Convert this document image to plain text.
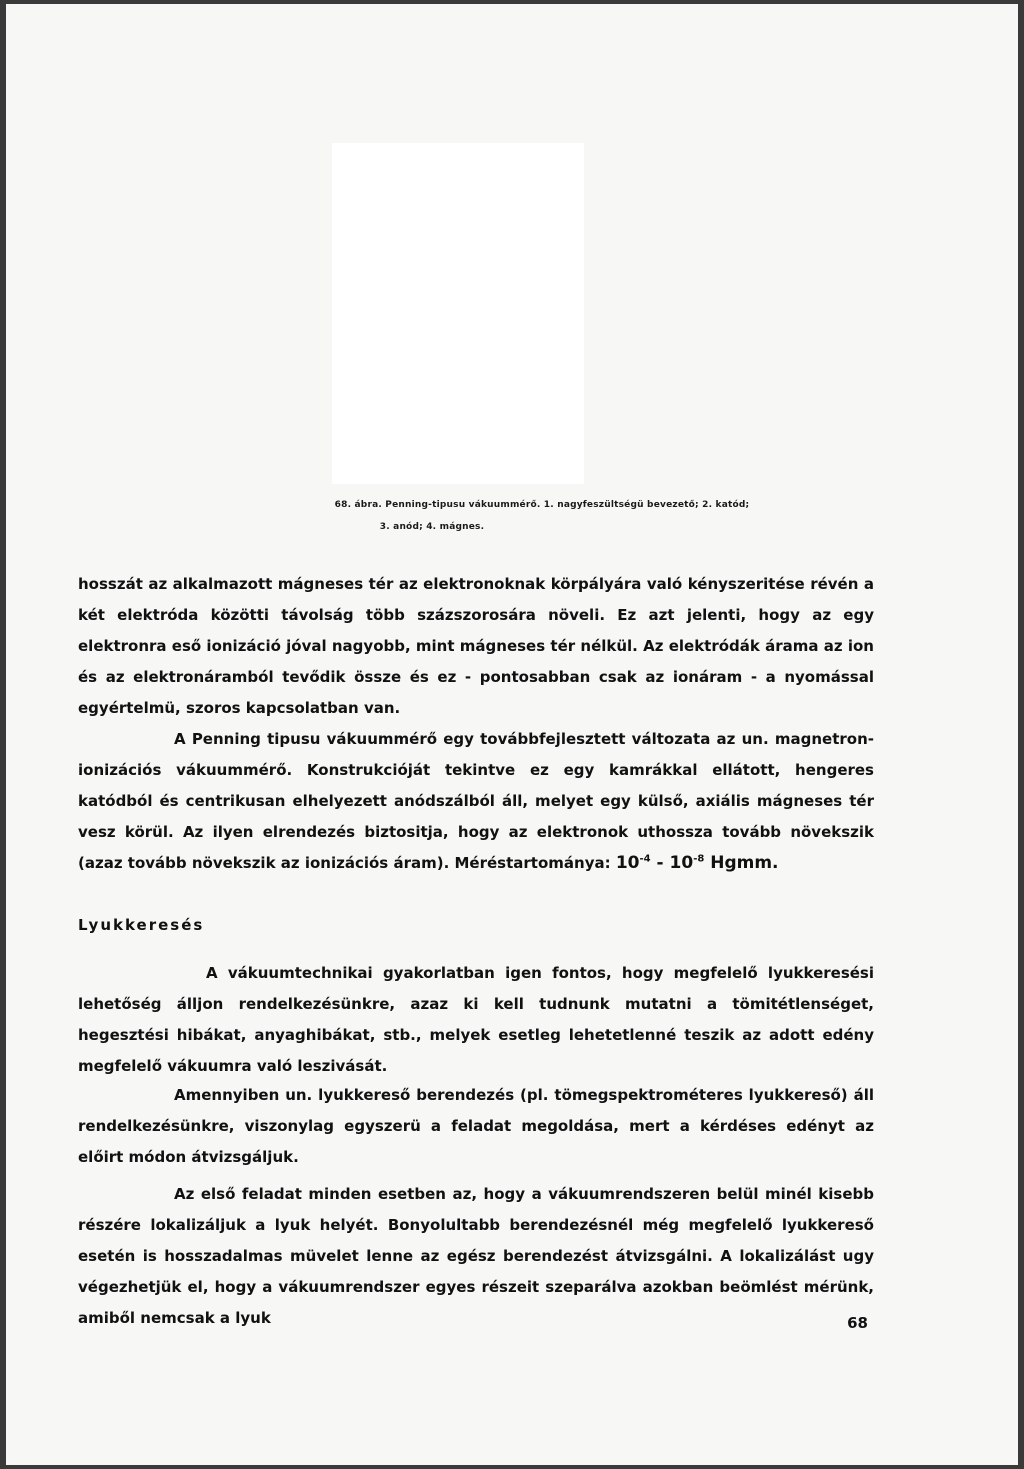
68. ábra. Penning-tipusu vákuummérő. 1. nagyfeszültségü bevezető; 2. katód;
3. anód; 4. mágnes.
hosszát az alkalmazott mágneses tér az elektronoknak körpályára való kényszeritése révén a két elektróda közötti távolság több százszorosára növeli. Ez azt jelenti, hogy az egy elektronra eső ionizáció jóval nagyobb, mint mágneses tér nélkül. Az elektródák árama az ion és az elektronáramból tevődik össze és ez - pontosabban csak az ionáram - a nyomással egyértelmü, szoros kapcsolatban van.
A Penning tipusu vákuummérő egy továbbfejlesztett változata az un. magnetron-ionizációs vákuummérő. Konstrukcióját tekintve ez egy kamrákkal ellátott, hengeres katódból és centrikusan elhelyezett anódszálból áll, melyet egy külső, axiális mágneses tér vesz körül. Az ilyen elrendezés biztositja, hogy az elektronok uthossza tovább növekszik (azaz tovább növekszik az ionizációs áram). Méréstartománya: $10^{-4} - 10^{-8}$ Hgmm.
Lyukkeresés
A vákuumtechnikai gyakorlatban igen fontos, hogy megfelelő lyukkeresési lehetőség álljon rendelkezésünkre, azaz ki kell tudnunk mutatni a tömitétlenséget, hegesztési hibákat, anyaghibákat, stb., melyek esetleg lehetetlenné teszik az adott edény megfelelő vákuumra való leszivását.
Amennyiben un. lyukkereső berendezés (pl. tömegspektrométeres lyukkereső) áll rendelkezésünkre, viszonylag egyszerü a feladat megoldása, mert a kérdéses edényt az előirt módon átvizsgáljuk.
Az első feladat minden esetben az, hogy a vákuumrendszeren belül minél kisebb részére lokalizáljuk a lyuk helyét. Bonyolultabb berendezésnél még megfelelő lyukkereső esetén is hosszadalmas müvelet lenne az egész berendezést átvizsgálni. A lokalizálást ugy végezhetjük el, hogy a vákuumrendszer egyes részeit szeparálva azokban beömlést mérünk, amiből nemcsak a lyuk	68
